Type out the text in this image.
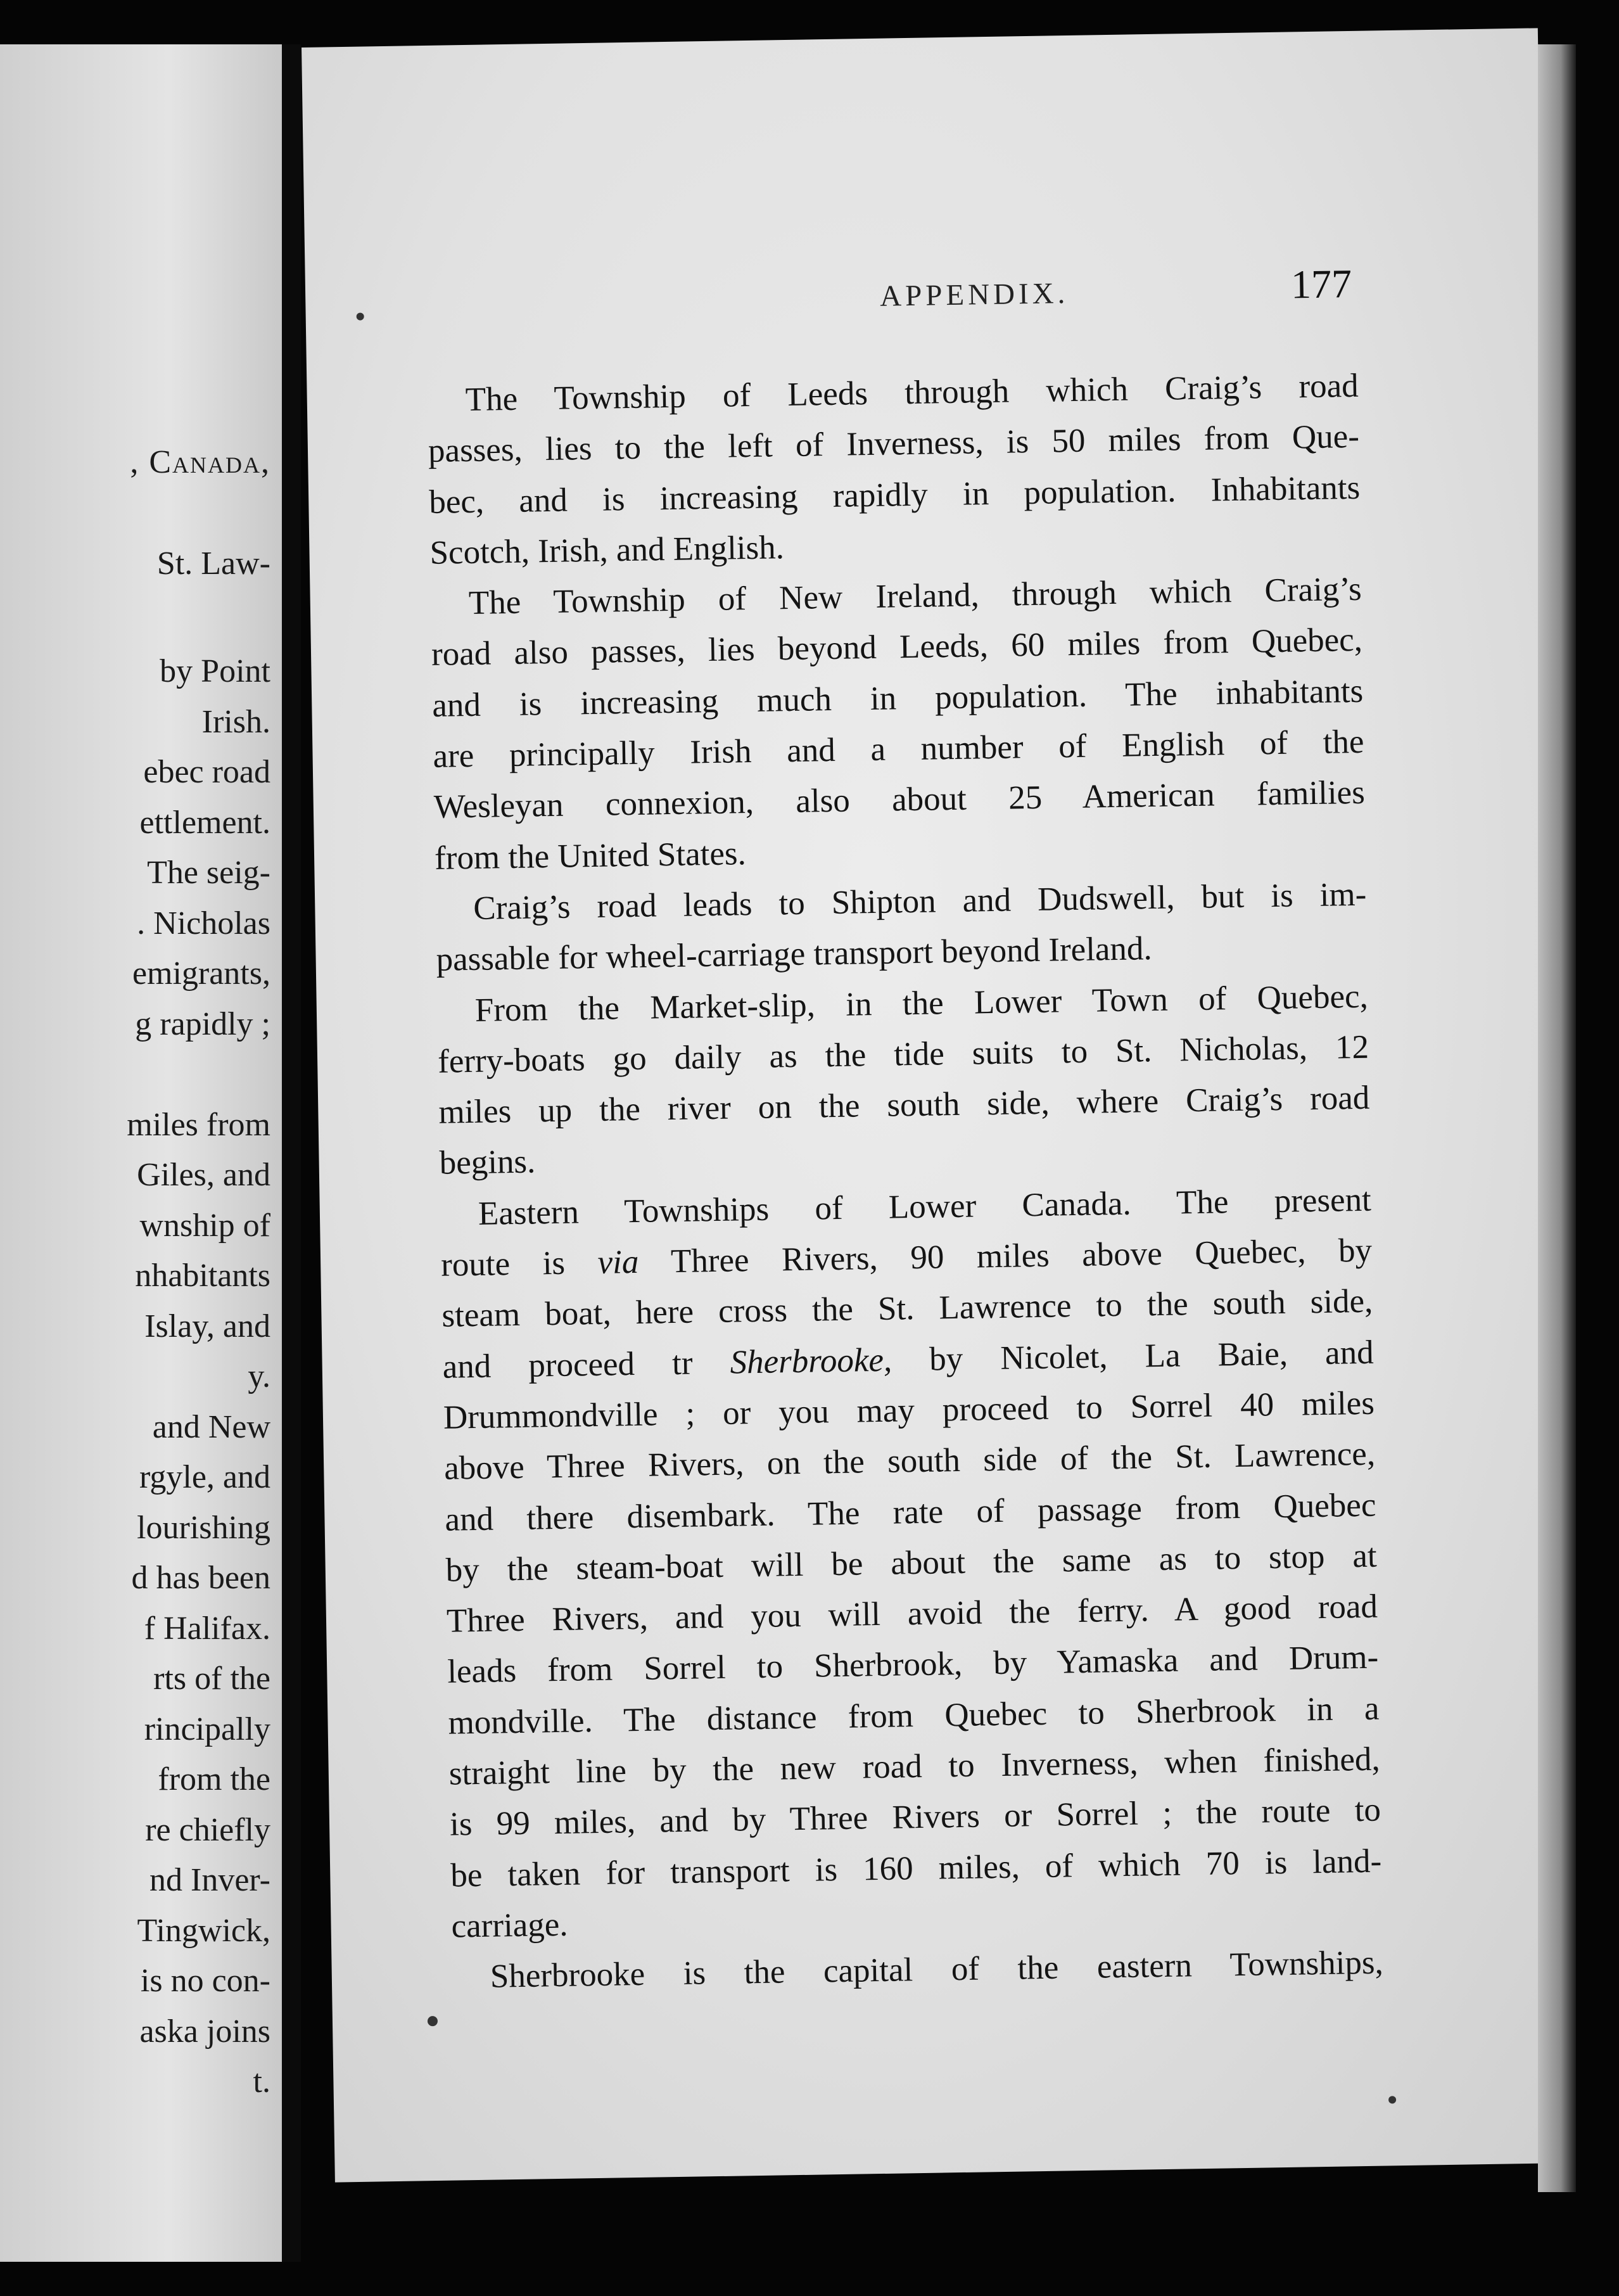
, Canada,
St. Law-
by Point
Irish.
ebec road
ettlement.
The seig-
. Nicholas
emigrants,
g rapidly ;
miles from
Giles, and
wnship of
nhabitants
Islay, and
y.
and New
rgyle, and
lourishing
d has been
f Halifax.
rts of the
rincipally
from the
re chiefly
nd Inver-
Tingwick,
is no con-
aska joins
t.
APPENDIX.	177
The Township of Leeds through which Craig’s road
passes, lies to the left of Inverness, is 50 miles from Que-
bec, and is increasing rapidly in population. Inhabitants
Scotch, Irish, and English.
The Township of New Ireland, through which Craig’s
road also passes, lies beyond Leeds, 60 miles from Quebec,
and is increasing much in population. The inhabitants
are principally Irish and a number of English of the
Wesleyan connexion, also about 25 American families
from the United States.
Craig’s road leads to Shipton and Dudswell, but is im-
passable for wheel-carriage transport beyond Ireland.
From the Market-slip, in the Lower Town of Quebec,
ferry-boats go daily as the tide suits to St. Nicholas, 12
miles up the river on the south side, where Craig’s road
begins.
Eastern Townships of Lower Canada. The present
route is via Three Rivers, 90 miles above Quebec, by
steam boat, here cross the St. Lawrence to the south side,
and proceed tr Sherbrooke, by Nicolet, La Baie, and
Drummondville ; or you may proceed to Sorrel 40 miles
above Three Rivers, on the south side of the St. Lawrence,
and there disembark. The rate of passage from Quebec
by the steam-boat will be about the same as to stop at
Three Rivers, and you will avoid the ferry. A good road
leads from Sorrel to Sherbrook, by Yamaska and Drum-
mondville. The distance from Quebec to Sherbrook in a
straight line by the new road to Inverness, when finished,
is 99 miles, and by Three Rivers or Sorrel ; the route to
be taken for transport is 160 miles, of which 70 is land-
carriage.
Sherbrooke is the capital of the eastern Townships,
